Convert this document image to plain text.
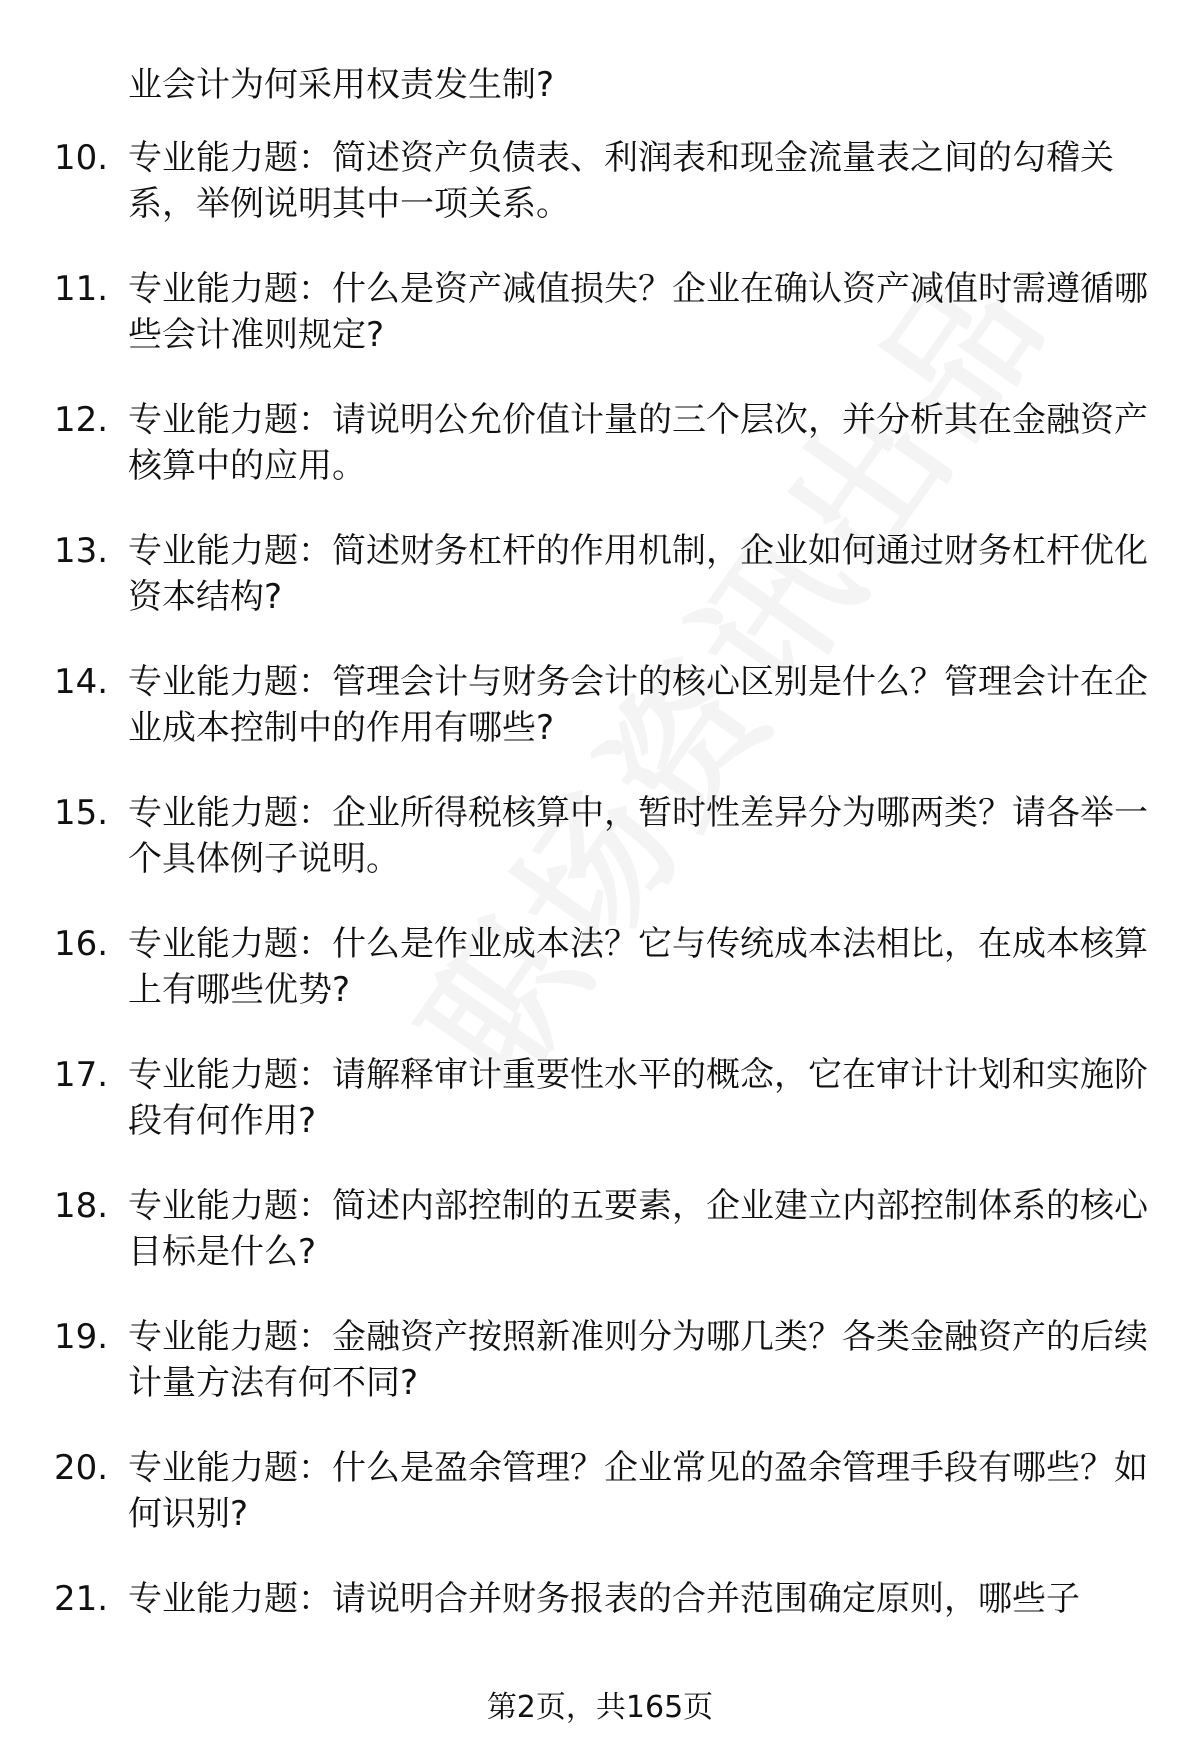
业会计为何采用权责发生制?
10. 专业能力题：简述资产负债表、利润表和现金流量表之间的勾稽关系，举例说明其中一项关系。
11. 专业能力题：什么是资产减值损失？企业在确认资产减值时需遵循哪些会计准则规定?
12. 专业能力题：请说明公允价值计量的三个层次，并分析其在金融资产核算中的应用。
13. 专业能力题：简述财务杠杆的作用机制，企业如何通过财务杠杆优化资本结构?
14. 专业能力题：管理会计与财务会计的核心区别是什么？管理会计在企业成本控制中的作用有哪些?
15. 专业能力题：企业所得税核算中，暂时性差异分为哪两类？请各举一个具体例子说明。
16. 专业能力题：什么是作业成本法？它与传统成本法相比，在成本核算上有哪些优势?
17. 专业能力题：请解释审计重要性水平的概念，它在审计计划和实施阶段有何作用?
18. 专业能力题：简述内部控制的五要素，企业建立内部控制体系的核心目标是什么?
19. 专业能力题：金融资产按照新准则分为哪几类？各类金融资产的后续计量方法有何不同?
20. 专业能力题：什么是盈余管理？企业常见的盈余管理手段有哪些？如何识别?
21. 专业能力题：请说明合并财务报表的合并范围确定原则，哪些子
第2页，共165页
